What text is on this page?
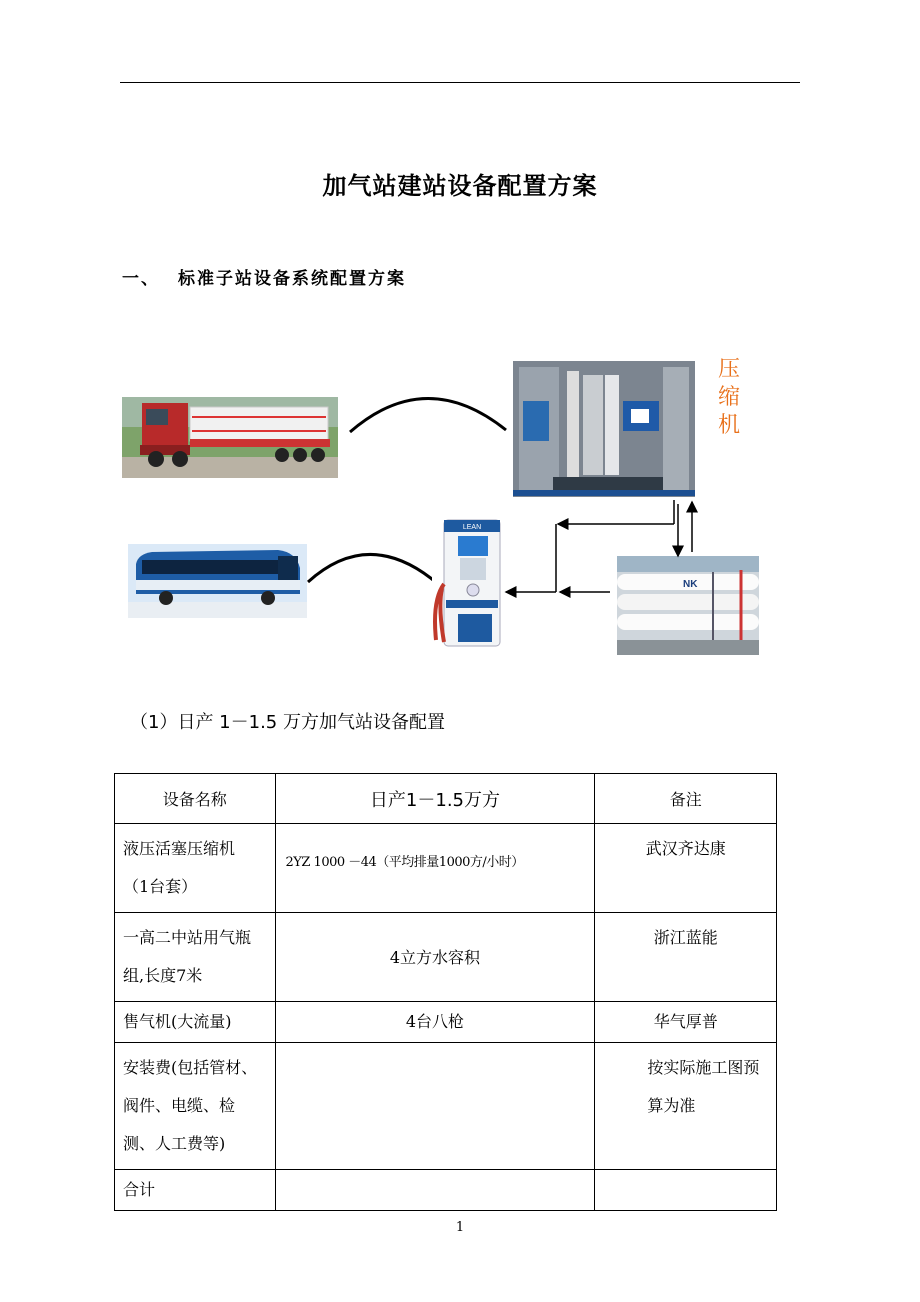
加气站建站设备配置方案
一、 标准子站设备系统配置方案
压缩机
LEAN
NK
（1）日产 1－1.5 万方加气站设备配置
设备名称	日产1－1.5万方	备注

液压活塞压缩机
（1台套）	2YZ 1000 －44（平均排量1000方/小时）	武汉齐达康

一高二中站用气瓶组,长度7米	4立方水容积	浙江蓝能

售气机(大流量)	4台八枪	华气厚普

安装费(包括管材、阀件、电缆、检测、人工费等)		按实际施工图预算为准

合计		

1
